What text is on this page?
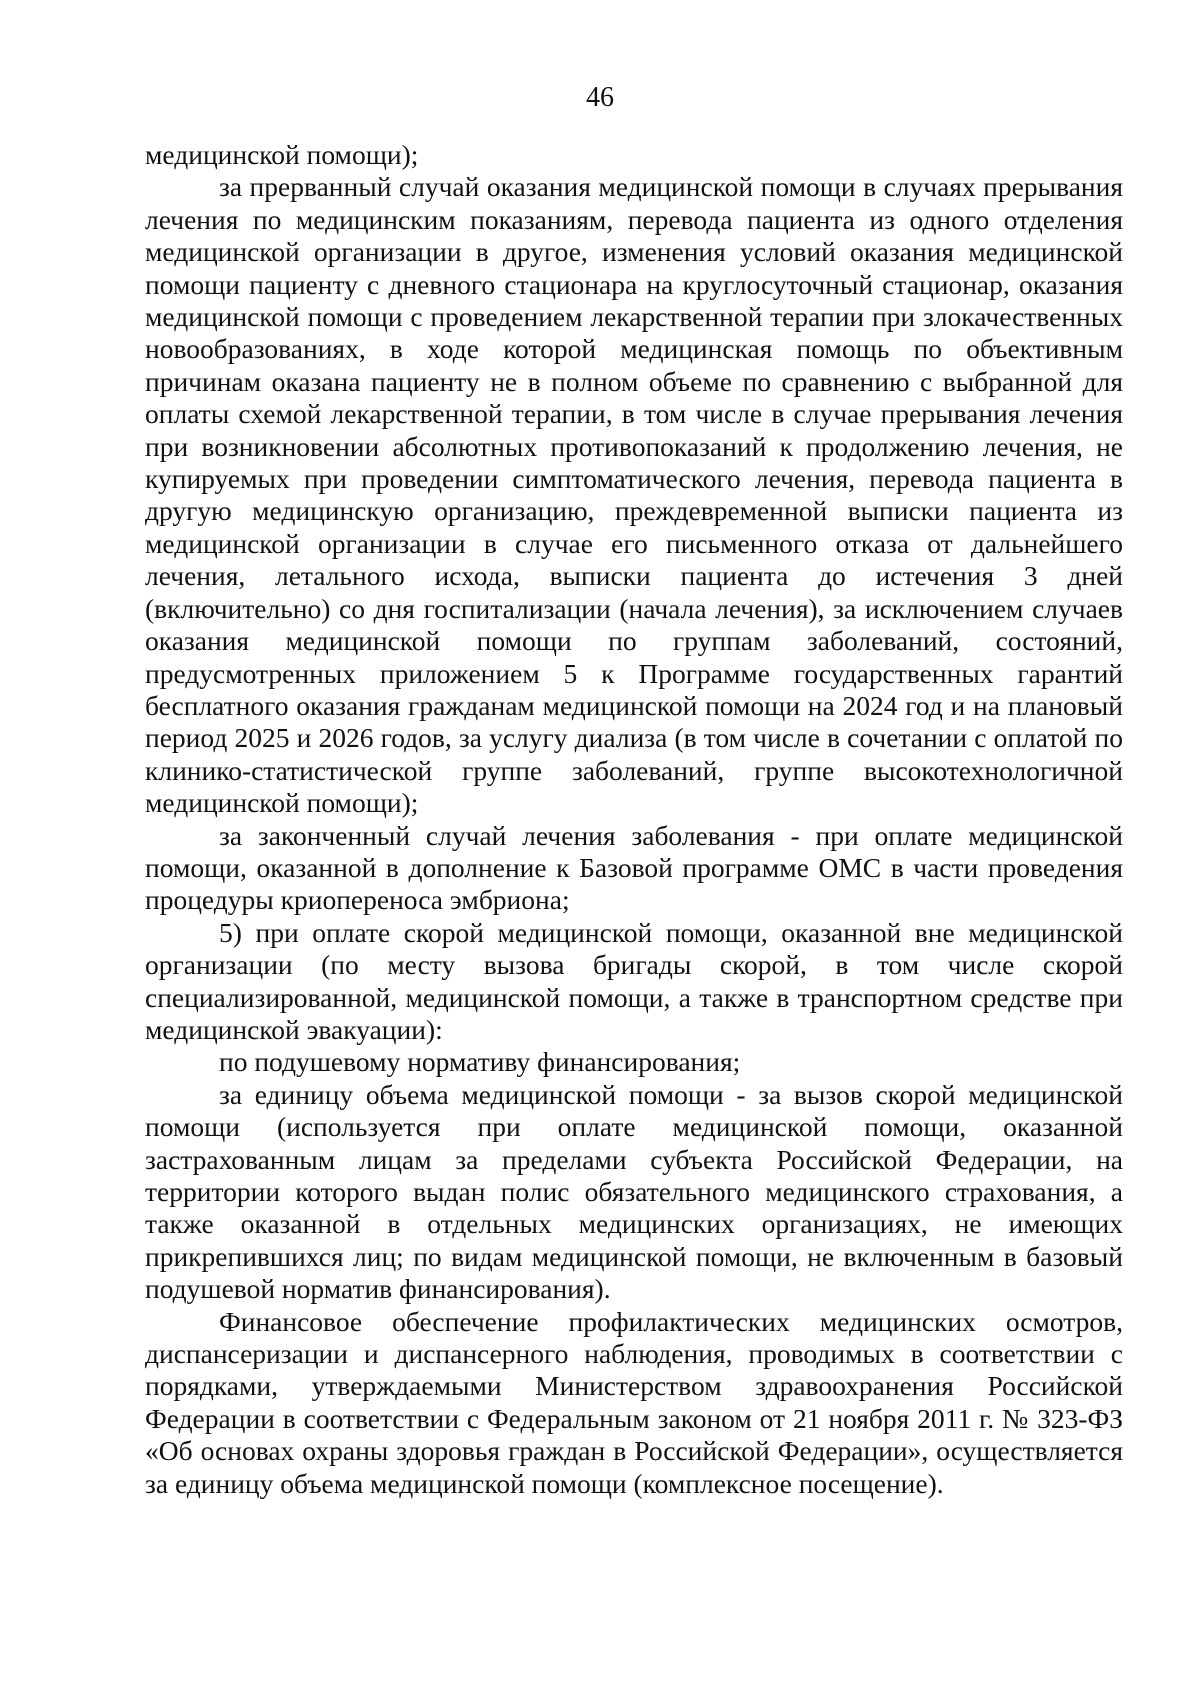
46

медицинской помощи);

за прерванный случай оказания медицинской помощи в случаях прерывания лечения по медицинским показаниям, перевода пациента из одного отделения медицинской организации в другое, изменения условий оказания медицинской помощи пациенту с дневного стационара на круглосуточный стационар, оказания медицинской помощи с проведением лекарственной терапии при злокачественных новообразованиях, в ходе которой медицинская помощь по объективным причинам оказана пациенту не в полном объеме по сравнению с выбранной для оплаты схемой лекарственной терапии, в том числе в случае прерывания лечения при возникновении абсолютных противопоказаний к продолжению лечения, не купируемых при проведении симптоматического лечения, перевода пациента в другую медицинскую организацию, преждевременной выписки пациента из медицинской организации в случае его письменного отказа от дальнейшего лечения, летального исхода, выписки пациента до истечения 3 дней (включительно) со дня госпитализации (начала лечения), за исключением случаев оказания медицинской помощи по группам заболеваний, состояний, предусмотренных приложением 5 к Программе государственных гарантий бесплатного оказания гражданам медицинской помощи на 2024 год и на плановый период 2025 и 2026 годов, за услугу диализа (в том числе в сочетании с оплатой по клинико-статистической группе заболеваний, группе высокотехнологичной медицинской помощи);

за законченный случай лечения заболевания - при оплате медицинской помощи, оказанной в дополнение к Базовой программе ОМС в части проведения процедуры криопереноса эмбриона;

5) при оплате скорой медицинской помощи, оказанной вне медицинской организации (по месту вызова бригады скорой, в том числе скорой специализированной, медицинской помощи, а также в транспортном средстве при медицинской эвакуации):

по подушевому нормативу финансирования;

за единицу объема медицинской помощи - за вызов скорой медицинской помощи (используется при оплате медицинской помощи, оказанной застрахованным лицам за пределами субъекта Российской Федерации, на территории которого выдан полис обязательного медицинского страхования, а также оказанной в отдельных медицинских организациях, не имеющих прикрепившихся лиц; по видам медицинской помощи, не включенным в базовый подушевой норматив финансирования).

Финансовое обеспечение профилактических медицинских осмотров, диспансеризации и диспансерного наблюдения, проводимых в соответствии с порядками, утверждаемыми Министерством здравоохранения Российской Федерации в соответствии с Федеральным законом от 21 ноября 2011 г. № 323-ФЗ «Об основах охраны здоровья граждан в Российской Федерации», осуществляется за единицу объема медицинской помощи (комплексное посещение).
